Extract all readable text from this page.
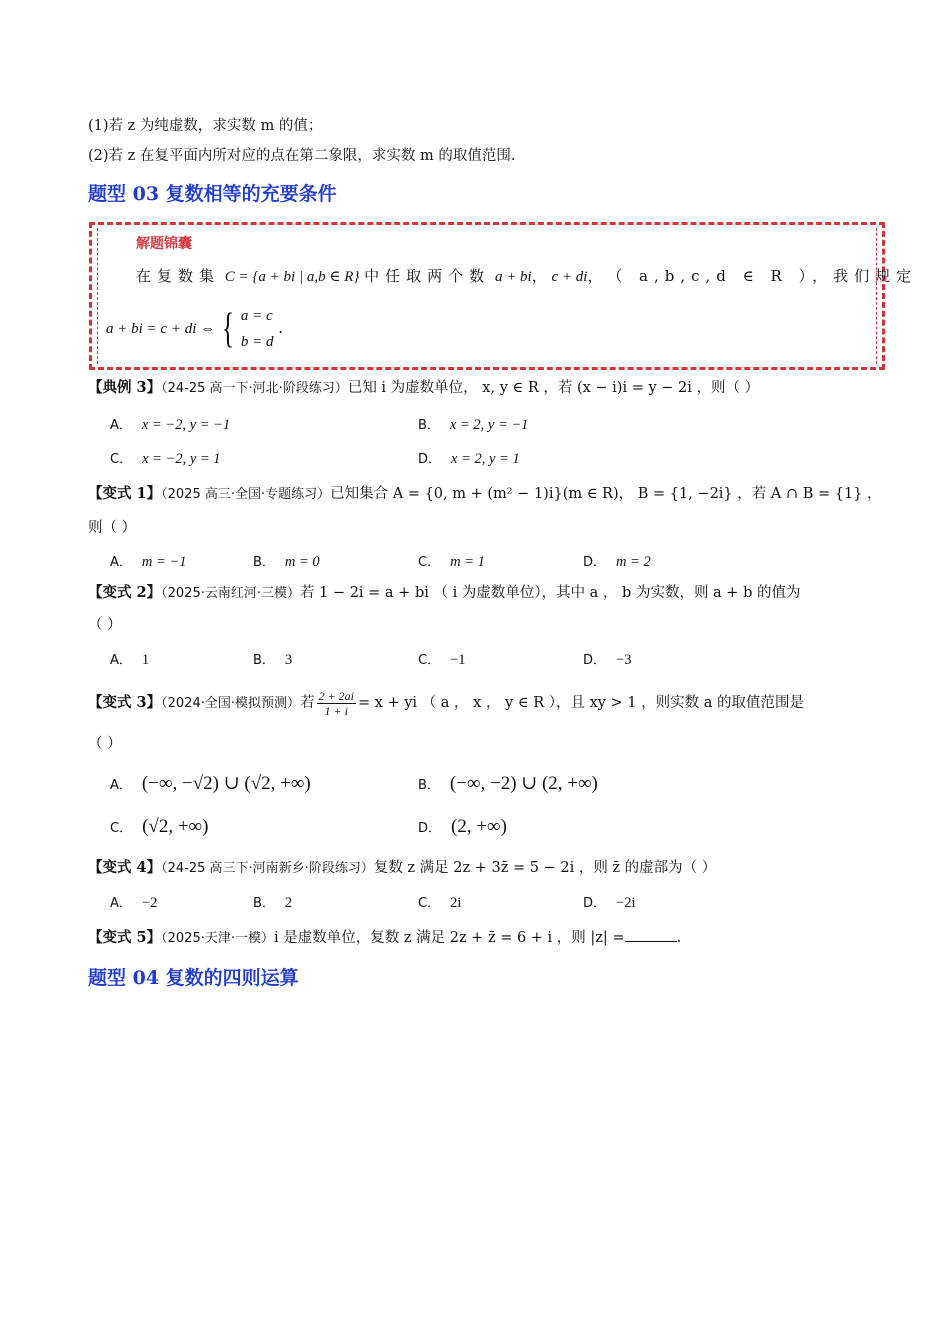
(1)若 z 为纯虚数，求实数 m 的值；
(2)若 z 在复平面内所对应的点在第二象限，求实数 m 的取值范围.
题型 03 复数相等的充要条件
解题锦囊
在复数集 C = {a + bi | a,b ∈ R} 中任取两个数 a + bi， c + di， （ a,b,c,d ∈ R ），我们规定
a + bi = c + di ⇔ { a = c
b = d
.
【典例 3】（24-25 高一下·河北·阶段练习）已知 i 为虚数单位， x, y ∈ R ，若 (x − i)i = y − 2i ，则（ ）
A． x = −2, y = −1	B． x = 2, y = −1
C． x = −2, y = 1	D． x = 2, y = 1
【变式 1】（2025 高三·全国·专题练习）已知集合 A = {0, m + (m² − 1)i}(m ∈ R)， B = {1, −2i} ，若 A ∩ B = {1} ，
则（ ）
A． m = −1	B． m = 0	C． m = 1	D． m = 2
【变式 2】（2025·云南红河·三模）若 1 − 2i = a + bi （ i 为虚数单位），其中 a ， b 为实数，则 a + b 的值为
（ ）
A． 1	B． 3	C． −1	D． −3
【变式 3】（2024·全国·模拟预测）若 $\frac{2 + 2ai}{1 + i} = x$ + yi （ a ， x ， y ∈ R ），且 xy > 1 ，则实数 a 的取值范围是
（ ）
A． (−∞, −√2) ∪ (√2, +∞)	B． (−∞, −2) ∪ (2, +∞)
C． (√2, +∞)	D． (2, +∞)
【变式 4】（24-25 高三下·河南新乡·阶段练习）复数 z 满足 2z + 3z̄ = 5 − 2i ，则 z̄ 的虚部为（ ）
A． −2	B． 2	C． 2i	D． −2i
【变式 5】（2025·天津·一模）i 是虚数单位，复数 z 满足 2z + z̄ = 6 + i ，则 |z| =	.
题型 04 复数的四则运算
